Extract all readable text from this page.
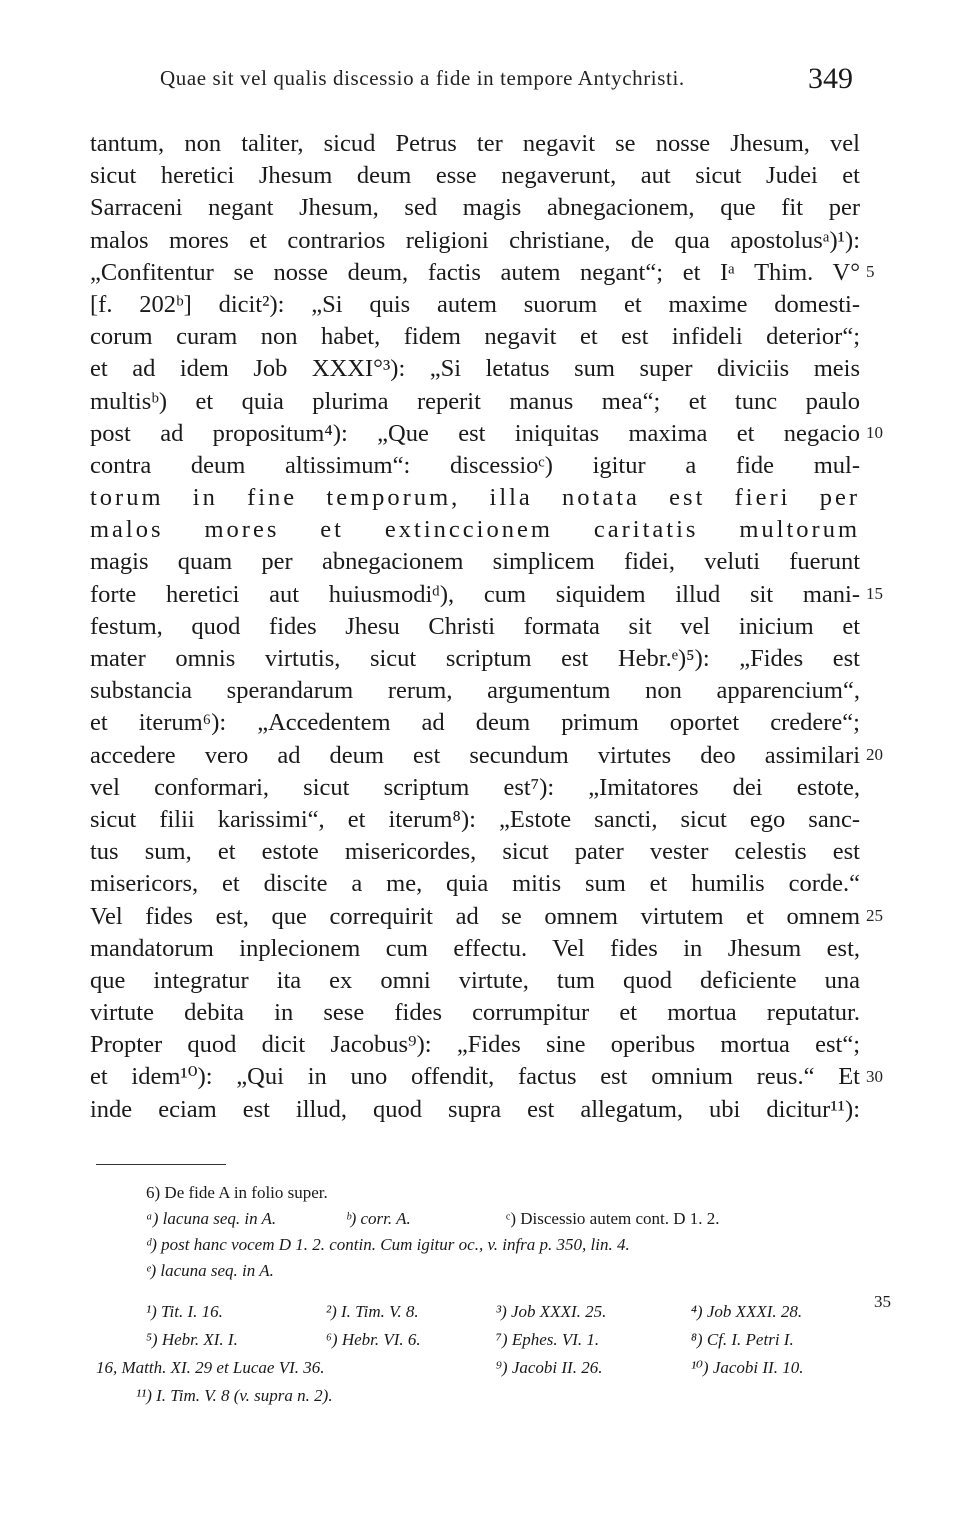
Quae sit vel qualis discessio a fide in tempore Antychristi.	349
tantum, non taliter, sicud Petrus ter negavit se nosse Jhesum, vel
sicut heretici Jhesum deum esse negaverunt, aut sicut Judei et
Sarraceni negant Jhesum, sed magis abnegacionem, que fit per
malos mores et contrarios religioni christiane, de qua apostolusᵃ)¹):
„Confitentur se nosse deum, factis autem negant“; et Iᵃ Thim. V°
[f. 202ᵇ] dicit²): „Si quis autem suorum et maxime domesti-
corum curam non habet, fidem negavit et est infideli deterior“;
et ad idem Job XXXI°³): „Si letatus sum super diviciis meis
multisᵇ) et quia plurima reperit manus mea“; et tunc paulo
post ad propositum⁴): „Que est iniquitas maxima et negacio
contra deum altissimum“: discessioᶜ) igitur a fide mul-
torum in fine temporum, illa notata est fieri per
malos mores et extinccionem caritatis multorum
magis quam per abnegacionem simplicem fidei, veluti fuerunt
forte heretici aut huiusmodiᵈ), cum siquidem illud sit mani-
festum, quod fides Jhesu Christi formata sit vel inicium et
mater omnis virtutis, sicut scriptum est Hebr.ᵉ)⁵): „Fides est
substancia sperandarum rerum, argumentum non apparencium“,
et iterum⁶): „Accedentem ad deum primum oportet credere“;
accedere vero ad deum est secundum virtutes deo assimilari
vel conformari, sicut scriptum est⁷): „Imitatores dei estote,
sicut filii karissimi“, et iterum⁸): „Estote sancti, sicut ego sanc-
tus sum, et estote misericordes, sicut pater vester celestis est
misericors, et discite a me, quia mitis sum et humilis corde.“
Vel fides est, que correquirit ad se omnem virtutem et omnem
mandatorum inplecionem cum effectu. Vel fides in Jhesum est,
que integratur ita ex omni virtute, tum quod deficiente una
virtute debita in sese fides corrumpitur et mortua reputatur.
Propter quod dicit Jacobus⁹): „Fides sine operibus mortua est“;
et idem¹⁰): „Qui in uno offendit, factus est omnium reus.“ Et
inde eciam est illud, quod supra est allegatum, ubi dicitur¹¹):
5
10
15
20
25
30
6) De fide A in folio super.
ᵃ) lacuna seq. in A.	ᵇ) corr. A.	ᶜ) Discessio autem cont. D 1. 2.
ᵈ) post hanc vocem D 1. 2. contin. Cum igitur oc., v. infra p. 350, lin. 4.
ᵉ) lacuna seq. in A.
¹) Tit. I. 16.	²) I. Tim. V. 8.	³) Job XXXI. 25.	⁴) Job XXXI. 28.
⁵) Hebr. XI. I.	⁶) Hebr. VI. 6.	⁷) Ephes. VI. 1.	⁸) Cf. I. Petri I.
16, Matth. XI. 29 et Lucae VI. 36.	⁹) Jacobi II. 26.	¹⁰) Jacobi II. 10.
¹¹) I. Tim. V. 8 (v. supra n. 2).
35
